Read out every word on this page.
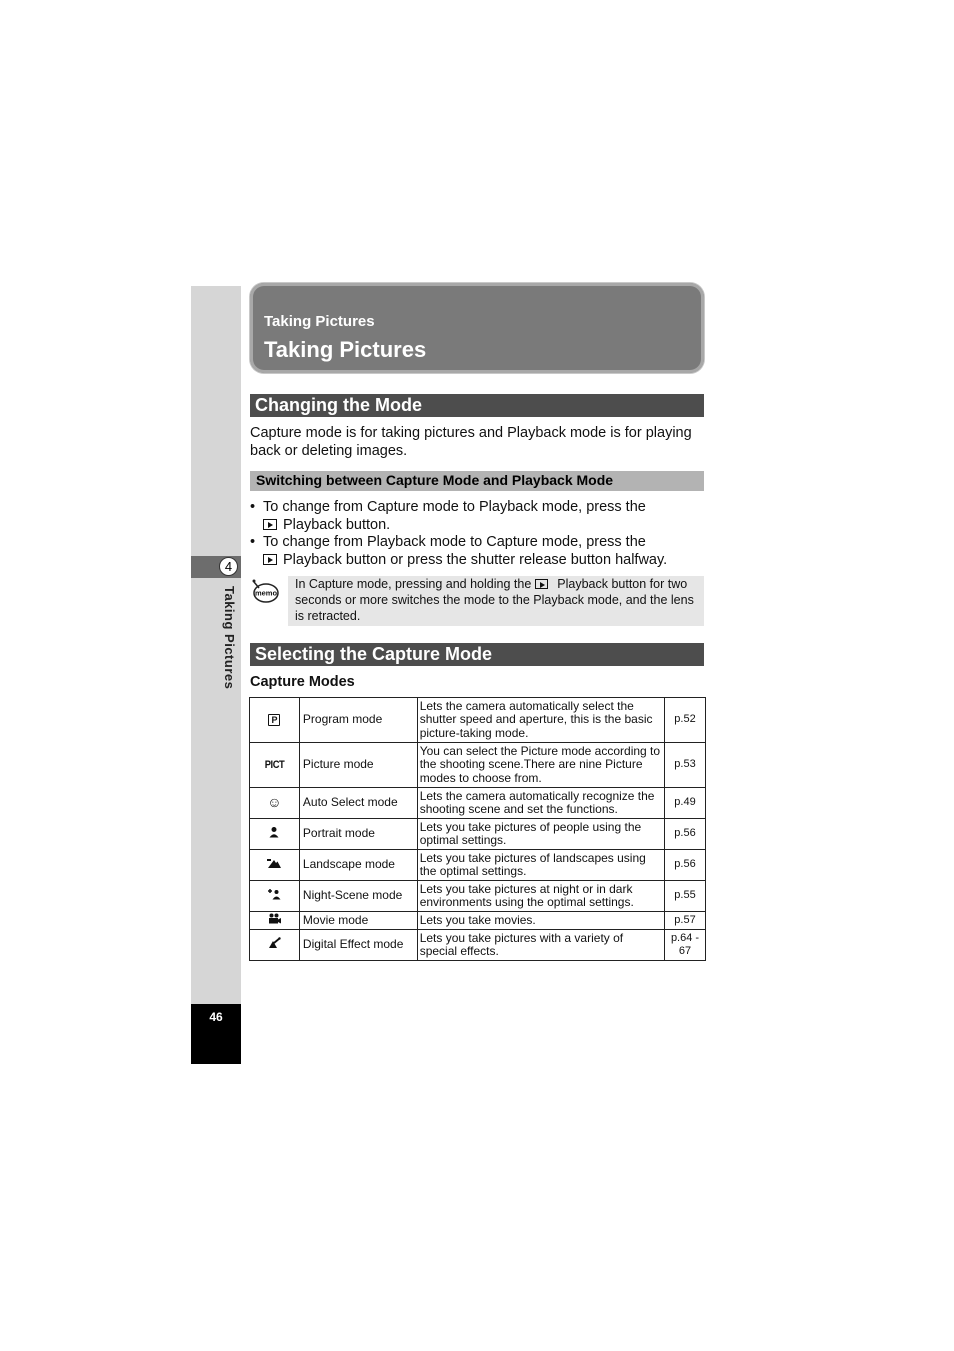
4
Taking Pictures
46
Taking Pictures
Taking Pictures
Changing the Mode
Capture mode is for taking pictures and Playback mode is for playing
back or deleting images.
Switching between Capture Mode and Playback Mode
• To change from Capture mode to Playback mode, press the
Playback button.
• To change from Playback mode to Capture mode, press the
Playback button or press the shutter release button halfway.
memo
In Capture mode, pressing and holding the Playback button for two
seconds or more switches the mode to the Playback mode, and the lens
is retracted.
Selecting the Capture Mode
Capture Modes
P	Program mode	Lets the camera automatically select the shutter speed and aperture, this is the basic picture-taking mode.	p.52
PICT	Picture mode	You can select the Picture mode according to the shooting scene.There are nine Picture modes to choose from.	p.53
☺	Auto Select mode	Lets the camera automatically recognize the shooting scene and set the functions.	p.49
	Portrait mode	Lets you take pictures of people using the optimal settings.	p.56
	Landscape mode	Lets you take pictures of landscapes using the optimal settings.	p.56
	Night-Scene mode	Lets you take pictures at night or in dark environments using the optimal settings.	p.55
	Movie mode	Lets you take movies.	p.57
	Digital Effect mode	Lets you take pictures with a variety of special effects.	p.64 - 67
